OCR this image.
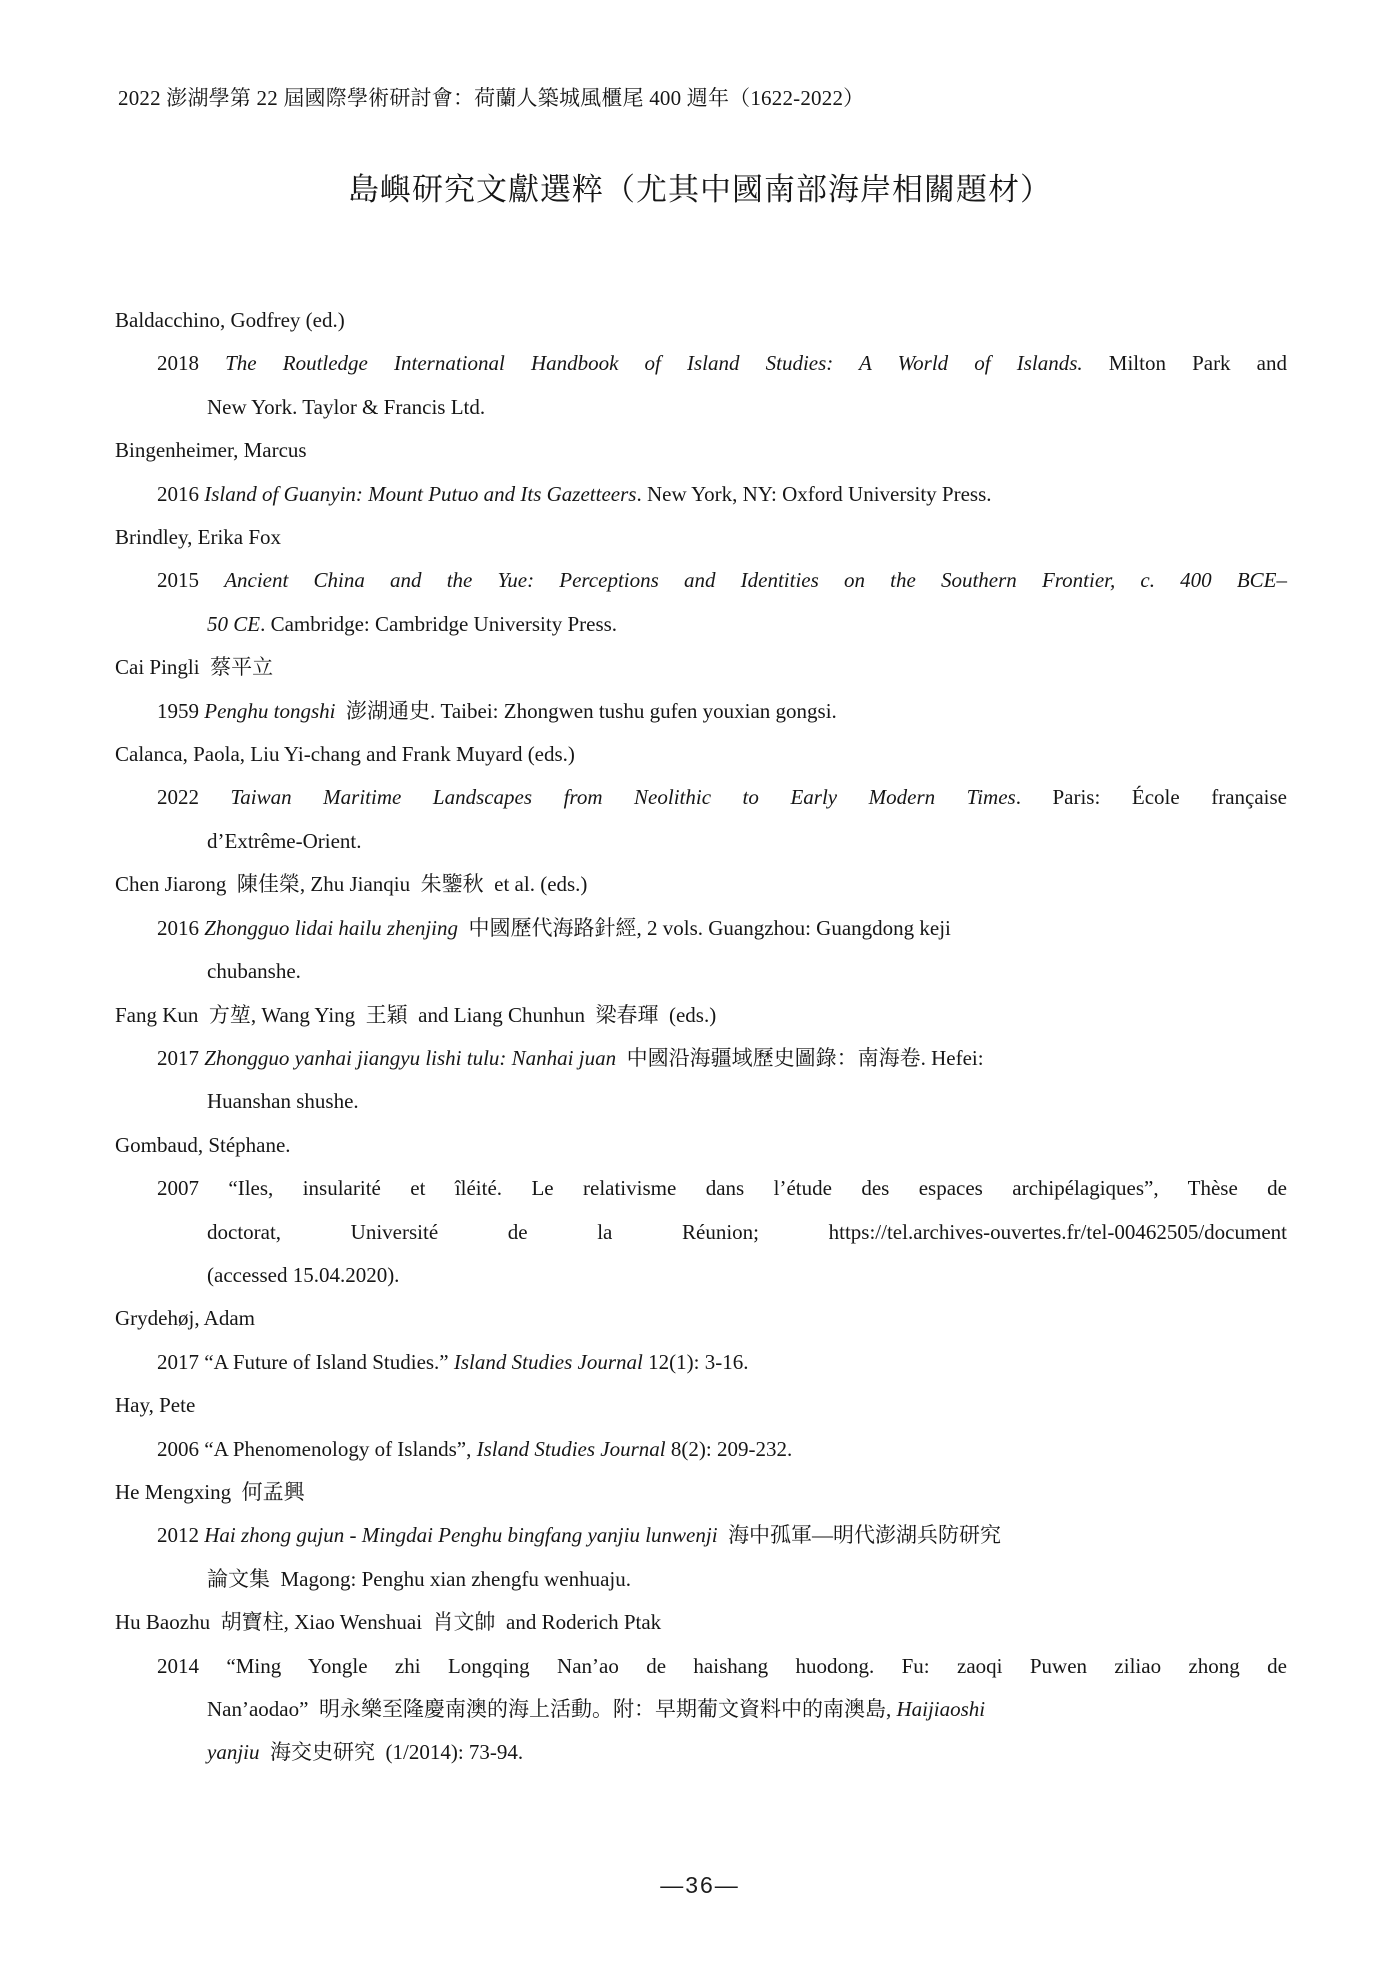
2022 澎湖學第 22 屆國際學術研討會：荷蘭人築城風櫃尾 400 週年（1622-2022）
島嶼研究文獻選粹（尤其中國南部海岸相關題材）
Baldacchino, Godfrey (ed.)
2018 The Routledge International Handbook of Island Studies: A World of Islands. Milton Park and
New York. Taylor & Francis Ltd.
Bingenheimer, Marcus
2016 Island of Guanyin: Mount Putuo and Its Gazetteers. New York, NY: Oxford University Press.
Brindley, Erika Fox
2015 Ancient China and the Yue: Perceptions and Identities on the Southern Frontier, c. 400 BCE–
50 CE. Cambridge: Cambridge University Press.
Cai Pingli  蔡平立
1959 Penghu tongshi  澎湖通史. Taibei: Zhongwen tushu gufen youxian gongsi.
Calanca, Paola, Liu Yi-chang and Frank Muyard (eds.)
2022 Taiwan Maritime Landscapes from Neolithic to Early Modern Times. Paris: École française
d’Extrême-Orient.
Chen Jiarong  陳佳榮, Zhu Jianqiu  朱鑒秋  et al. (eds.)
2016 Zhongguo lidai hailu zhenjing  中國歷代海路針經, 2 vols. Guangzhou: Guangdong keji
chubanshe.
Fang Kun  方堃, Wang Ying  王穎  and Liang Chunhun  梁春琿  (eds.)
2017 Zhongguo yanhai jiangyu lishi tulu: Nanhai juan  中國沿海疆域歷史圖錄：南海卷. Hefei:
Huanshan shushe.
Gombaud, Stéphane.
2007 “Iles, insularité et îléité. Le relativisme dans l’étude des espaces archipélagiques”, Thèse de
doctorat, Université de la Réunion; https://tel.archives-ouvertes.fr/tel-00462505/document
(accessed 15.04.2020).
Grydehøj, Adam
2017 “A Future of Island Studies.” Island Studies Journal 12(1): 3-16.
Hay, Pete
2006 “A Phenomenology of Islands”, Island Studies Journal 8(2): 209-232.
He Mengxing  何孟興
2012 Hai zhong gujun - Mingdai Penghu bingfang yanjiu lunwenji  海中孤軍—明代澎湖兵防研究
論文集  Magong: Penghu xian zhengfu wenhuaju.
Hu Baozhu  胡寶柱, Xiao Wenshuai  肖文帥  and Roderich Ptak
2014 “Ming Yongle zhi Longqing Nan’ao de haishang huodong. Fu: zaoqi Puwen ziliao zhong de
Nan’aodao”  明永樂至隆慶南澳的海上活動。附：早期葡文資料中的南澳島, Haijiaoshi
yanjiu  海交史研究  (1/2014): 73-94.
—36—
